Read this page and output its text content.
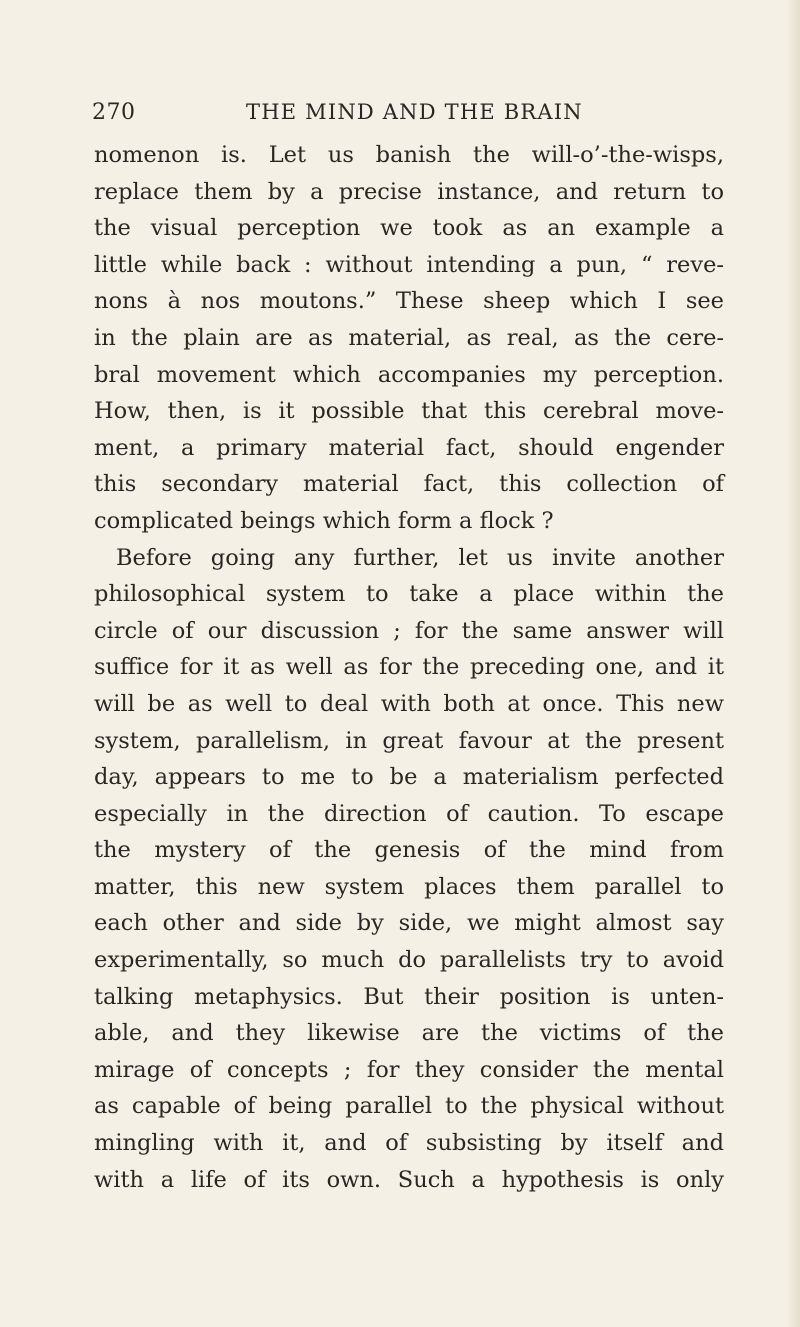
270	THE MIND AND THE BRAIN
nomenon is. Let us banish the will-o’-the-wisps,
replace them by a precise instance, and return to
the visual perception we took as an example a
little while back : without intending a pun, “ reve-
nons à nos moutons.” These sheep which I see
in the plain are as material, as real, as the cere-
bral movement which accompanies my perception.
How, then, is it possible that this cerebral move-
ment, a primary material fact, should engender
this secondary material fact, this collection of
complicated beings which form a flock ?
Before going any further, let us invite another
philosophical system to take a place within the
circle of our discussion ; for the same answer will
suffice for it as well as for the preceding one, and it
will be as well to deal with both at once. This new
system, parallelism, in great favour at the present
day, appears to me to be a materialism perfected
especially in the direction of caution. To escape
the mystery of the genesis of the mind from
matter, this new system places them parallel to
each other and side by side, we might almost say
experimentally, so much do parallelists try to avoid
talking metaphysics. But their position is unten-
able, and they likewise are the victims of the
mirage of concepts ; for they consider the mental
as capable of being parallel to the physical without
mingling with it, and of subsisting by itself and
with a life of its own. Such a hypothesis is only
